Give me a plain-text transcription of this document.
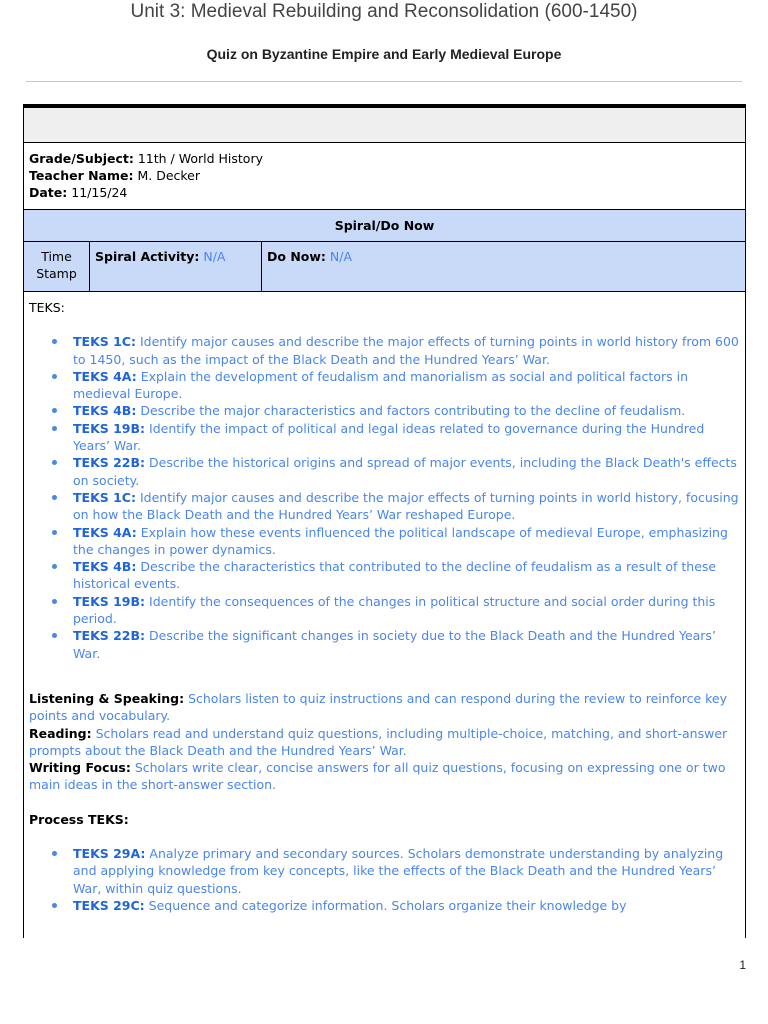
Unit 3: Medieval Rebuilding and Reconsolidation (600-1450)
Quiz on Byzantine Empire and Early Medieval Europe
Grade/Subject: 11th / World History
Teacher Name: M. Decker
Date: 11/15/24
Spiral/Do Now
Time Stamp
Spiral Activity: N/A	Do Now: N/A
TEKS:
TEKS 1C: Identify major causes and describe the major effects of turning points in world history from 600 to 1450, such as the impact of the Black Death and the Hundred Years’ War.
TEKS 4A: Explain the development of feudalism and manorialism as social and political factors in medieval Europe.
TEKS 4B: Describe the major characteristics and factors contributing to the decline of feudalism.
TEKS 19B: Identify the impact of political and legal ideas related to governance during the Hundred Years’ War.
TEKS 22B: Describe the historical origins and spread of major events, including the Black Death's effects on society.
TEKS 1C: Identify major causes and describe the major effects of turning points in world history, focusing on how the Black Death and the Hundred Years’ War reshaped Europe.
TEKS 4A: Explain how these events influenced the political landscape of medieval Europe, emphasizing the changes in power dynamics.
TEKS 4B: Describe the characteristics that contributed to the decline of feudalism as a result of these historical events.
TEKS 19B: Identify the consequences of the changes in political structure and social order during this period.
TEKS 22B: Describe the significant changes in society due to the Black Death and the Hundred Years’ War.
Listening & Speaking: Scholars listen to quiz instructions and can respond during the review to reinforce key points and vocabulary.
Reading: Scholars read and understand quiz questions, including multiple-choice, matching, and short-answer prompts about the Black Death and the Hundred Years’ War.
Writing Focus: Scholars write clear, concise answers for all quiz questions, focusing on expressing one or two main ideas in the short-answer section.
Process TEKS:
TEKS 29A: Analyze primary and secondary sources. Scholars demonstrate understanding by analyzing and applying knowledge from key concepts, like the effects of the Black Death and the Hundred Years’ War, within quiz questions.
TEKS 29C: Sequence and categorize information. Scholars organize their knowledge by
1
